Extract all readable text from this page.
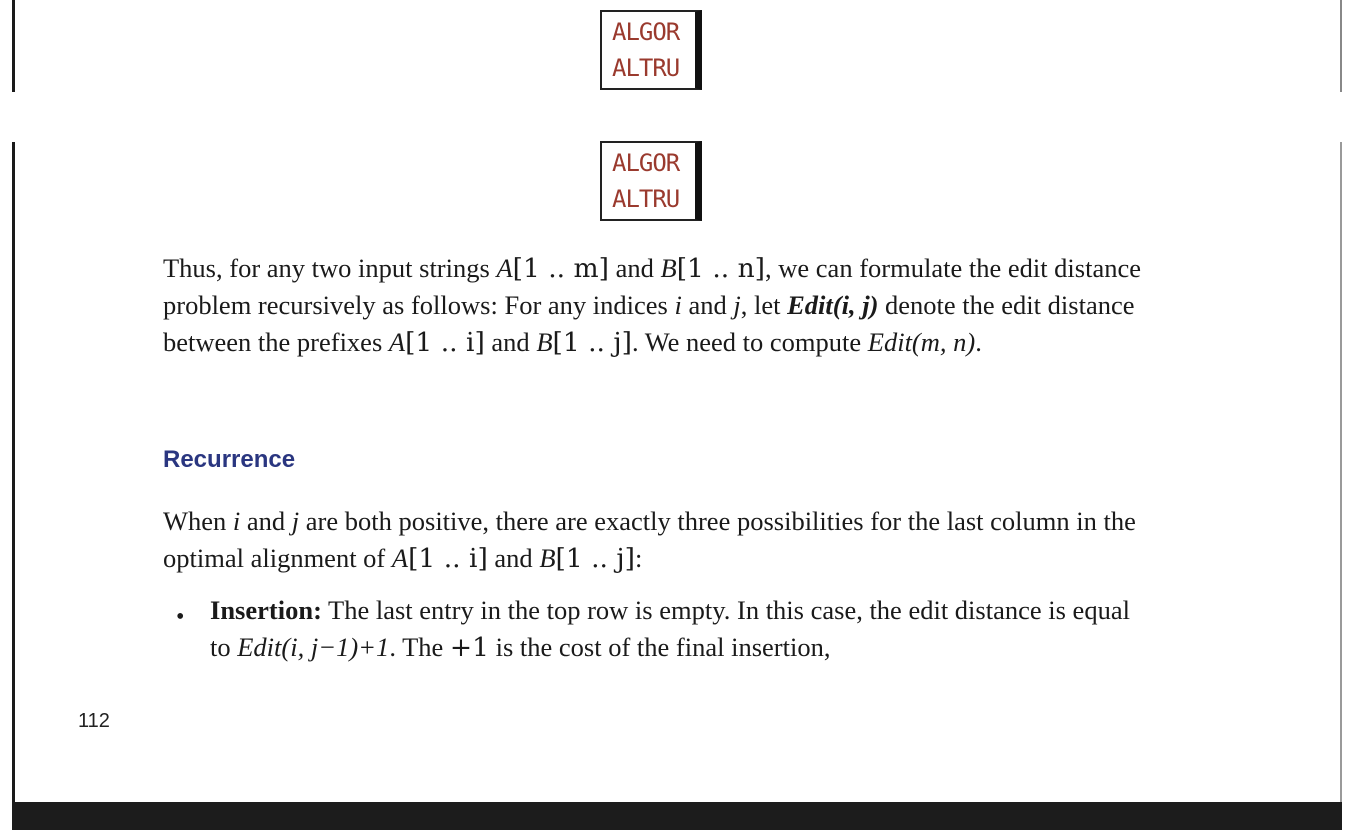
ALGOR
ALTRU
ALGOR
ALTRU

Thus, for any two input strings A[1 .. m] and B[1 .. n], we can formulate the edit distance problem recursively as follows: For any indices i and j, let Edit(i, j) denote the edit distance between the prefixes A[1 .. i] and B[1 .. j]. We need to compute Edit(m, n).

Recurrence

When i and j are both positive, there are exactly three possibilities for the last column in the optimal alignment of A[1 .. i] and B[1 .. j]:

• Insertion: The last entry in the top row is empty. In this case, the edit distance is equal to Edit(i, j−1)+1. The +1 is the cost of the final insertion,

112
